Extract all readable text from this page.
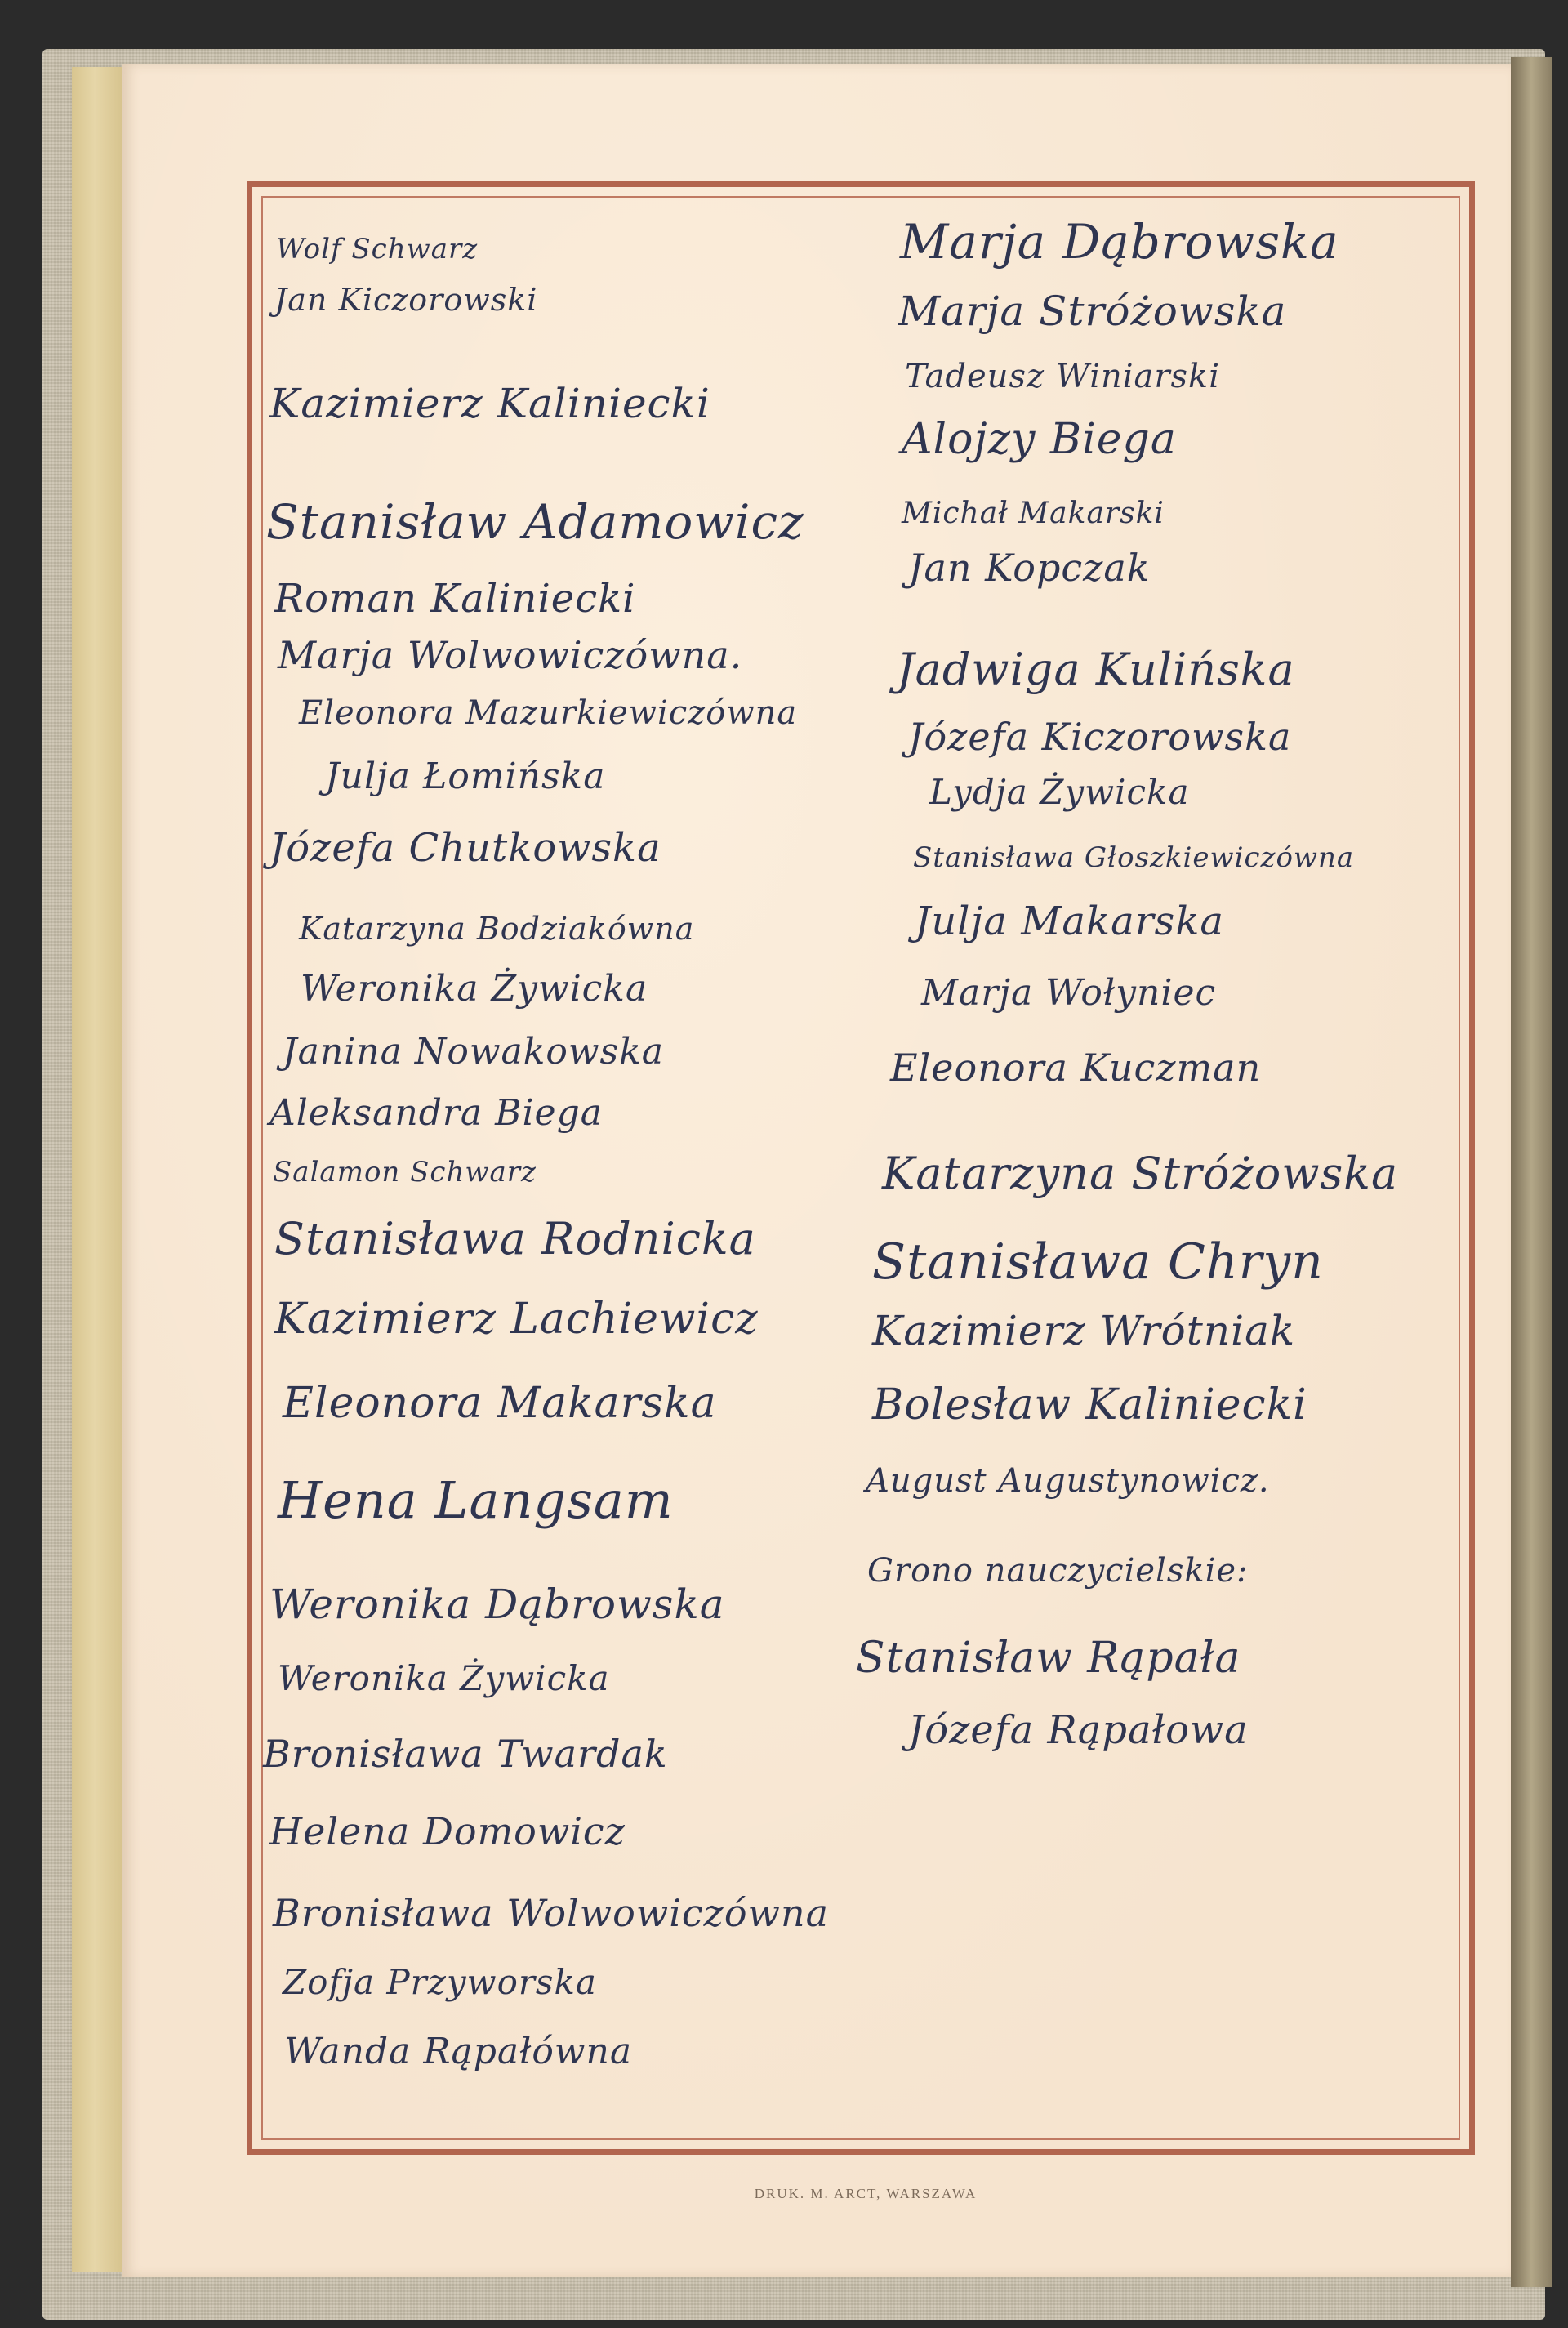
Wolf Schwarz
Jan Kiczorowski
Kazimierz Kaliniecki
Stanisław Adamowicz
Roman Kaliniecki
Marja Wolwowiczówna.
Eleonora Mazurkiewiczówna
Julja Łomińska
Józefa Chutkowska
Katarzyna Bodziakówna
Weronika Żywicka
Janina Nowakowska
Aleksandra Biega
Salamon Schwarz
Stanisława Rodnicka
Kazimierz Lachiewicz
Eleonora Makarska
Hena Langsam
Weronika Dąbrowska
Weronika Żywicka
Bronisława Twardak
Helena Domowicz
Bronisława Wolwowiczówna
Zofja Przyworska
Wanda Rąpałówna
Marja Dąbrowska
Marja Stróżowska
Tadeusz Winiarski
Alojzy Biega
Michał Makarski
Jan Kopczak
Jadwiga Kulińska
Józefa Kiczorowska
Lydja Żywicka
Stanisława Głoszkiewiczówna
Julja Makarska
Marja Wołyniec
Eleonora Kuczman
Katarzyna Stróżowska
Stanisława Chryn
Kazimierz Wrótniak
Bolesław Kaliniecki
August Augustynowicz.
Grono nauczycielskie:
Stanisław Rąpała
Józefa Rąpałowa
DRUK. M. ARCT, WARSZAWA
